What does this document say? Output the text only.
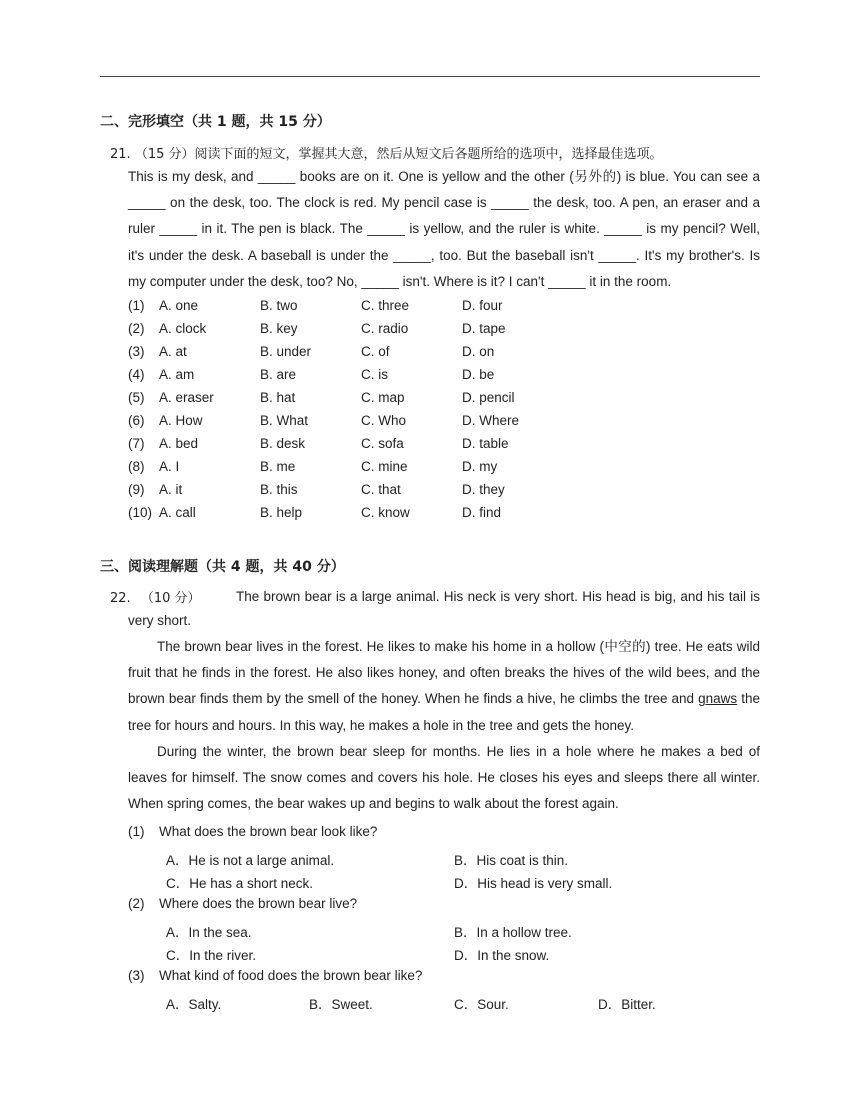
二、完形填空（共 1 题，共 15 分）
21. （15 分）阅读下面的短文，掌握其大意，然后从短文后各题所给的选项中，选择最佳选项。
This is my desk, and _____ books are on it. One is yellow and the other (另外的) is blue. You can see a
_____ on the desk, too. The clock is red. My pencil case is _____ the desk, too. A pen, an eraser and a
ruler _____ in it. The pen is black. The _____ is yellow, and the ruler is white. _____ is my pencil? Well,
it's under the desk. A baseball is under the _____, too. But the baseball isn't _____. It's my brother's. Is
my computer under the desk, too? No, _____ isn't. Where is it? I can't _____ it in the room.
(1) A. one	B. two	C. three	D. four
(2) A. clock	B. key	C. radio	D. tape
(3) A. at	B. under	C. of	D. on
(4) A. am	B. are	C. is	D. be
(5) A. eraser	B. hat	C. map	D. pencil
(6) A. How	B. What	C. Who	D. Where
(7) A. bed	B. desk	C. sofa	D. table
(8) A. I	B. me	C. mine	D. my
(9) A. it	B. this	C. that	D. they
(10) A. call	B. help	C. know	D. find
三、阅读理解题（共 4 题，共 40 分）
22. （10 分）	The brown bear is a large animal. His neck is very short. His head is big, and his tail is
very short.
The brown bear lives in the forest. He likes to make his home in a hollow (中空的) tree. He eats wild
fruit that he finds in the forest. He also likes honey, and often breaks the hives of the wild bees, and the
brown bear finds them by the smell of the honey. When he finds a hive, he climbs the tree and gnaws the
tree for hours and hours. In this way, he makes a hole in the tree and gets the honey.
During the winter, the brown bear sleep for months. He lies in a hole where he makes a bed of
leaves for himself. The snow comes and covers his hole. He closes his eyes and sleeps there all winter.
When spring comes, the bear wakes up and begins to walk about the forest again.
(1) What does the brown bear look like?
A．He is not a large animal.	B．His coat is thin.
C．He has a short neck.	D．His head is very small.
(2) Where does the brown bear live?
A．In the sea.	B．In a hollow tree.
C．In the river.	D．In the snow.
(3) What kind of food does the brown bear like?
A．Salty.	B．Sweet.	C．Sour.	D．Bitter.
